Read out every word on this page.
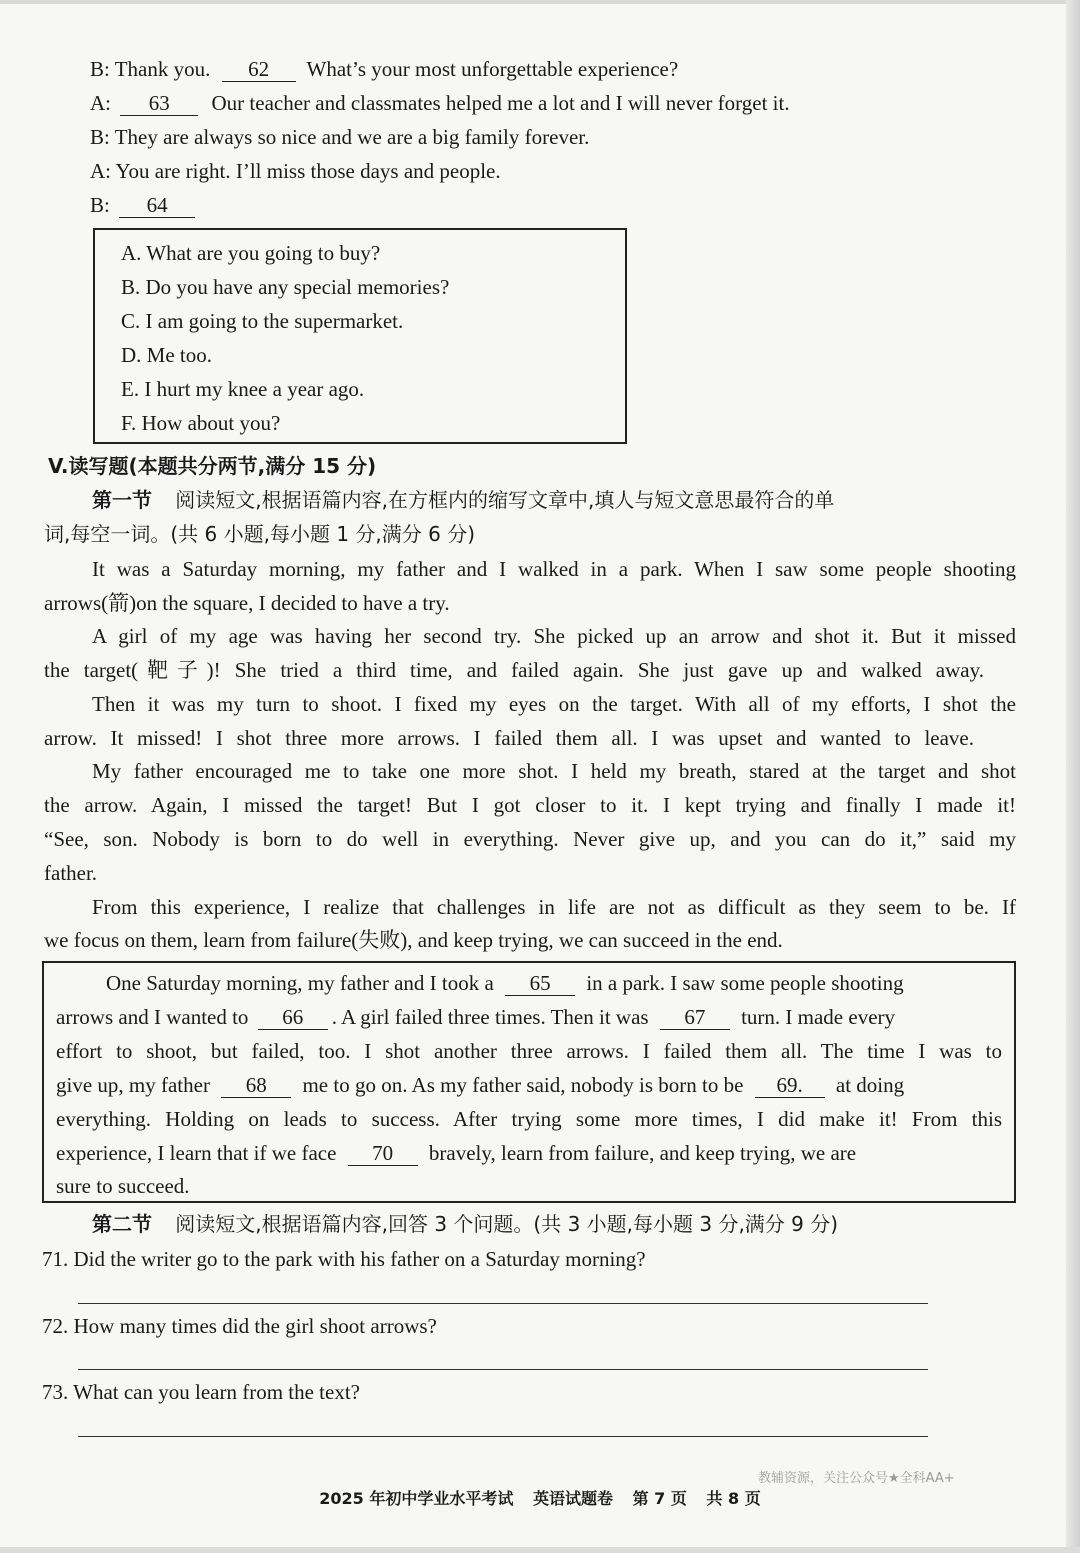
B: Thank you. 62 What’s your most unforgettable experience?
A: 63 Our teacher and classmates helped me a lot and I will never forget it.
B: They are always so nice and we are a big family forever.
A: You are right. I’ll miss those days and people.
B: 64
A. What are you going to buy?
B. Do you have any special memories?
C. I am going to the supermarket.
D. Me too.
E. I hurt my knee a year ago.
F. How about you?
V.读写题(本题共分两节,满分 15 分)
第一节 阅读短文,根据语篇内容,在方框内的缩写文章中,填人与短文意思最符合的单
词,每空一词。(共 6 小题,每小题 1 分,满分 6 分)
It was a Saturday morning, my father and I walked in a park. When I saw some people shooting
arrows(箭)on the square, I decided to have a try.
A girl of my age was having her second try. She picked up an arrow and shot it. But it missed
the target(靶子)! She tried a third time, and failed again. She just gave up and walked away.
Then it was my turn to shoot. I fixed my eyes on the target. With all of my efforts, I shot the
arrow. It missed! I shot three more arrows. I failed them all. I was upset and wanted to leave.
My father encouraged me to take one more shot. I held my breath, stared at the target and shot
the arrow. Again, I missed the target! But I got closer to it. I kept trying and finally I made it!
“See, son. Nobody is born to do well in everything. Never give up, and you can do it,” said my
father.
From this experience, I realize that challenges in life are not as difficult as they seem to be. If
we focus on them, learn from failure(失败), and keep trying, we can succeed in the end.
One Saturday morning, my father and I took a 65 in a park. I saw some people shooting
arrows and I wanted to 66 . A girl failed three times. Then it was 67 turn. I made every
effort to shoot, but failed, too. I shot another three arrows. I failed them all. The time I was to
give up, my father 68 me to go on. As my father said, nobody is born to be 69. at doing
everything. Holding on leads to success. After trying some more times, I did make it! From this
experience, I learn that if we face 70 bravely, learn from failure, and keep trying, we are
sure to succeed.
第二节 阅读短文,根据语篇内容,回答 3 个问题。(共 3 小题,每小题 3 分,满分 9 分)
71. Did the writer go to the park with his father on a Saturday morning?
72. How many times did the girl shoot arrows?
73. What can you learn from the text?
教辅资源，关注公众号★全科AA+
2025 年初中学业水平考试 英语试题卷 第 7 页 共 8 页
